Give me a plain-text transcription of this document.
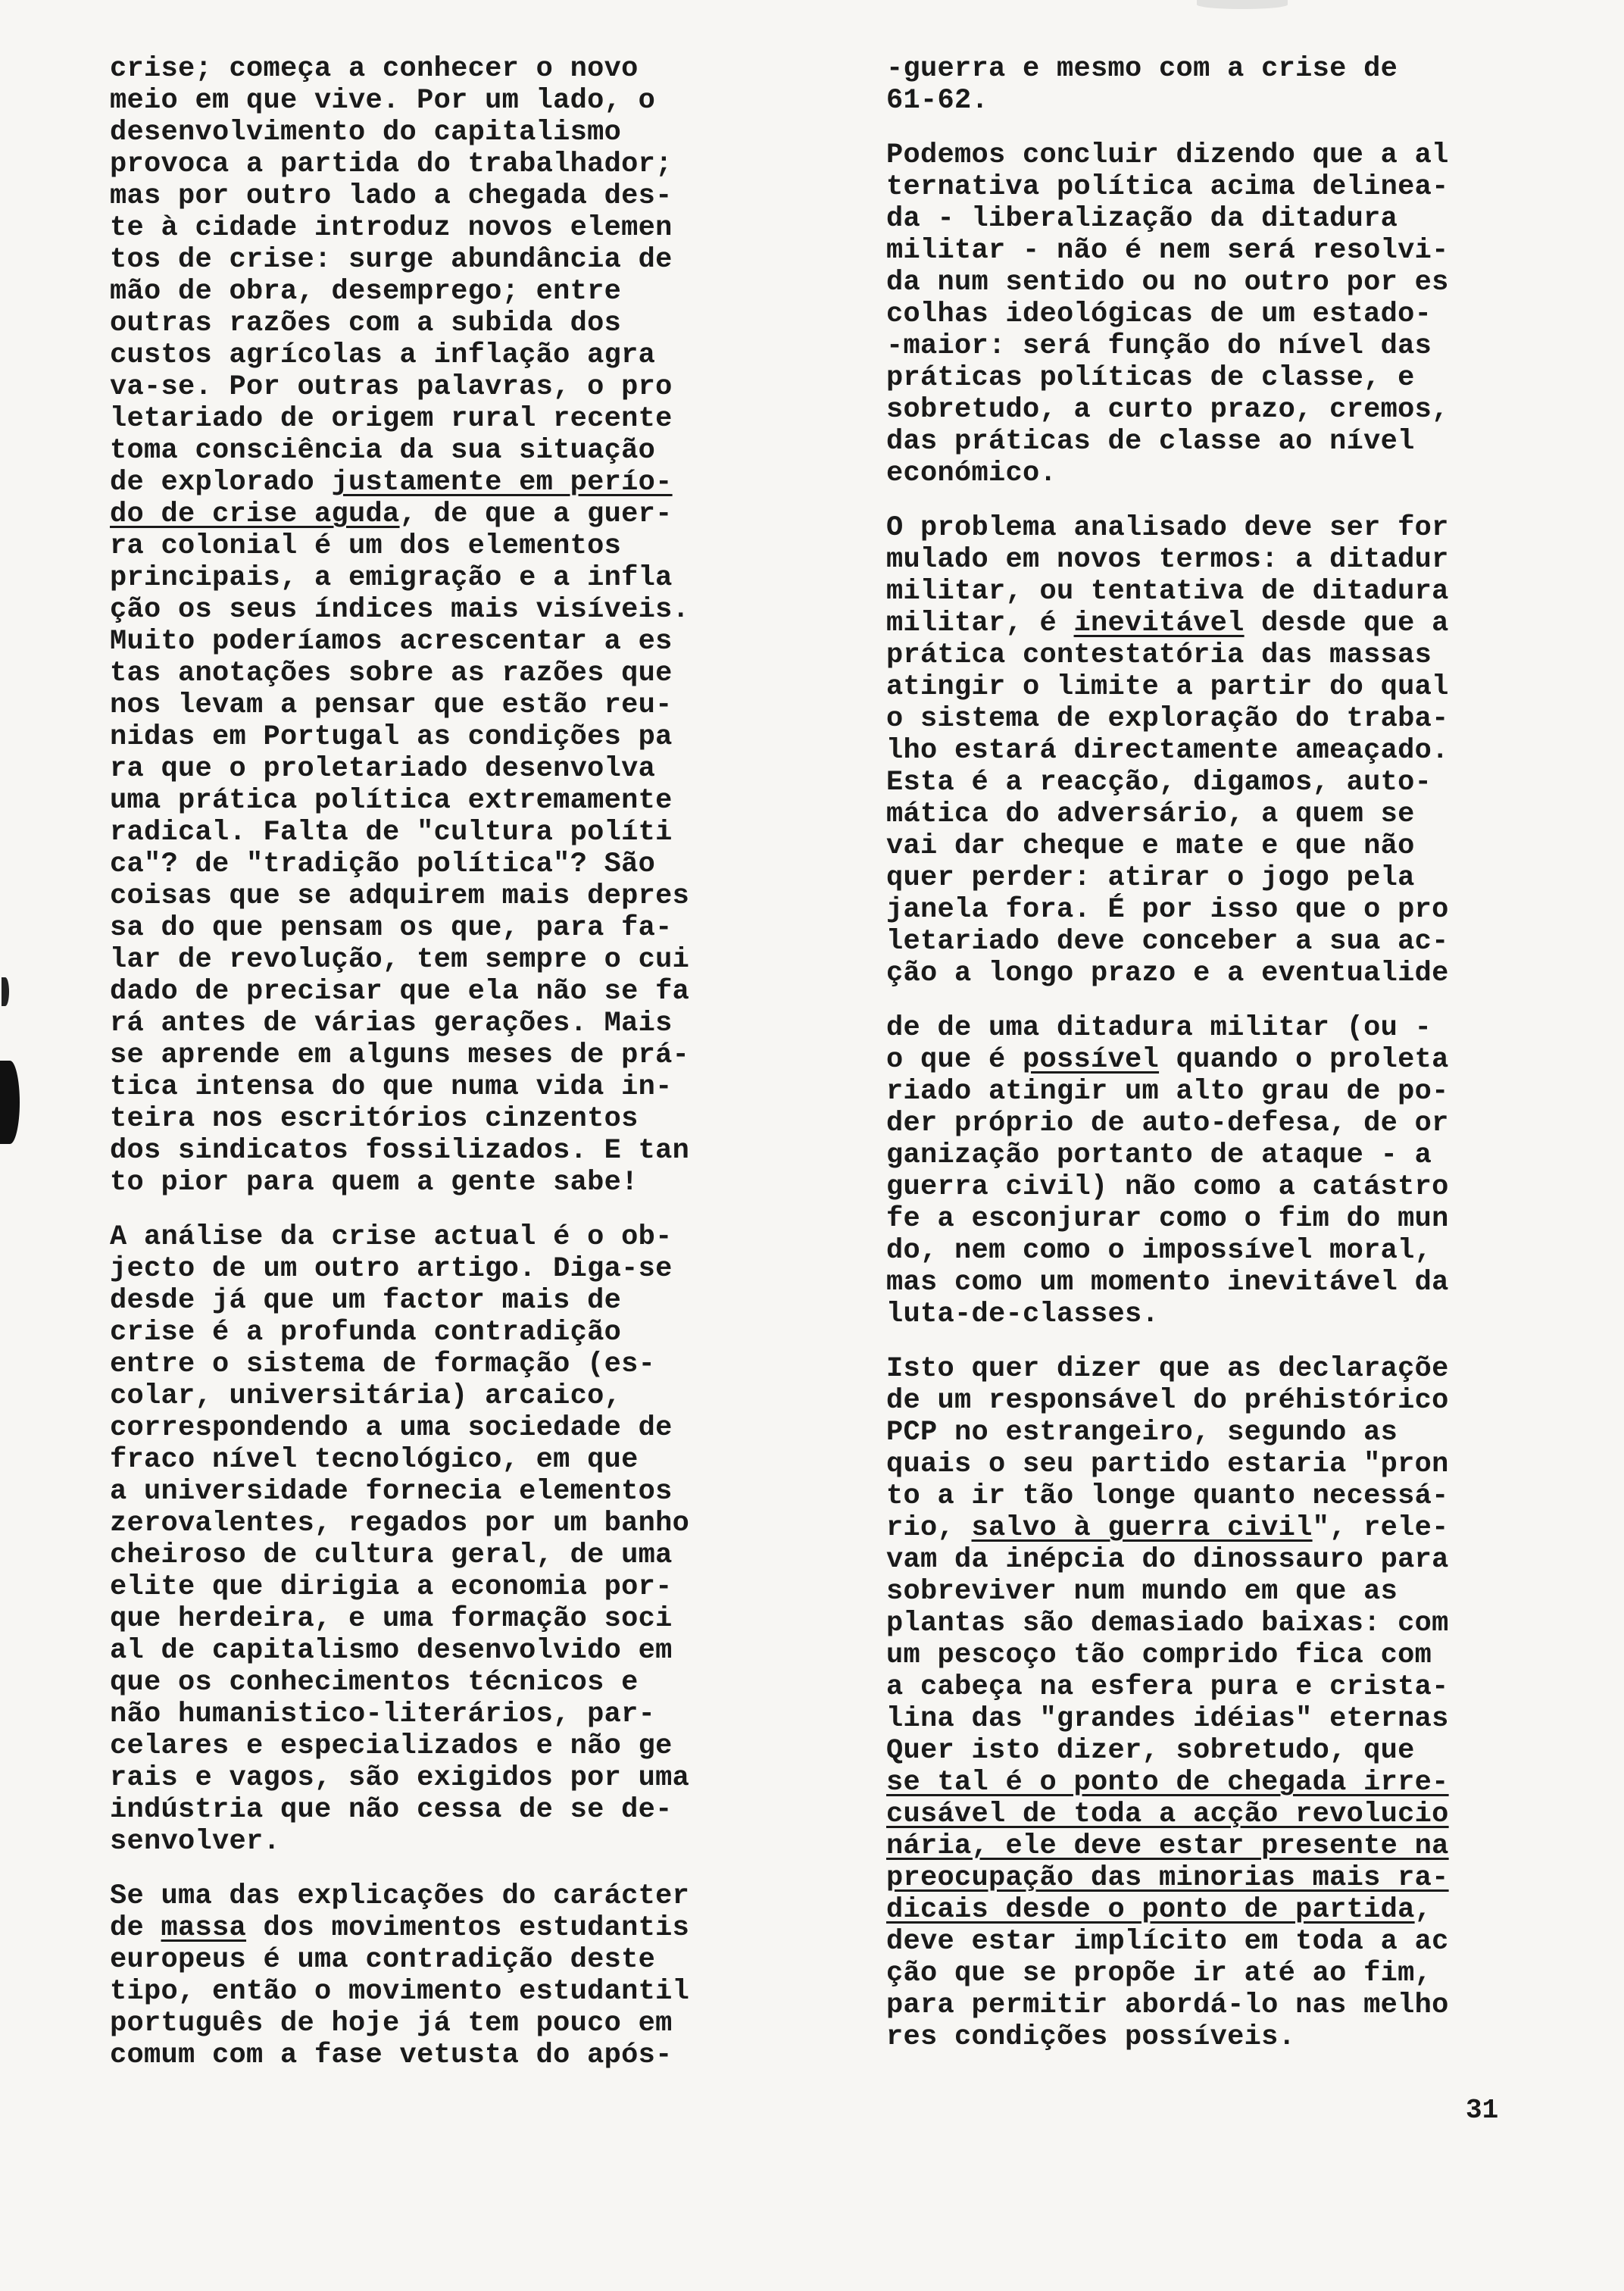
crise; começa a conhecer o novo
meio em que vive. Por um lado, o
desenvolvimento do capitalismo
provoca a partida do trabalhador;
mas por outro lado a chegada des-
te à cidade introduz novos elemen
tos de crise: surge abundância de
mão de obra, desemprego; entre
outras razões com a subida dos
custos agrícolas a inflação agra
va-se. Por outras palavras, o pro
letariado de origem rural recente
toma consciência da sua situação
de explorado justamente em perío-
do de crise aguda, de que a guer-
ra colonial é um dos elementos
principais, a emigração e a infla
ção os seus índices mais visíveis.
Muito poderíamos acrescentar a es
tas anotações sobre as razões que
nos levam a pensar que estão reu-
nidas em Portugal as condições pa
ra que o proletariado desenvolva
uma prática política extremamente
radical. Falta de "cultura políti
ca"? de "tradição política"? São
coisas que se adquirem mais depres
sa do que pensam os que, para fa-
lar de revolução, tem sempre o cui
dado de precisar que ela não se fa
rá antes de várias gerações. Mais
se aprende em alguns meses de prá-
tica intensa do que numa vida in-
teira nos escritórios cinzentos
dos sindicatos fossilizados. E tan
to pior para quem a gente sabe!

A análise da crise actual é o ob-
jecto de um outro artigo. Diga-se
desde já que um factor mais de
crise é a profunda contradição
entre o sistema de formação (es-
colar, universitária) arcaico,
correspondendo a uma sociedade de
fraco nível tecnológico, em que
a universidade fornecia elementos
zerovalentes, regados por um banho
cheiroso de cultura geral, de uma
elite que dirigia a economia por-
que herdeira, e uma formação soci
al de capitalismo desenvolvido em
que os conhecimentos técnicos e
não humanistico-literários, par-
celares e especializados e não ge
rais e vagos, são exigidos por uma
indústria que não cessa de se de-
senvolver.

Se uma das explicações do carácter
de massa dos movimentos estudantis
europeus é uma contradição deste
tipo, então o movimento estudantil
português de hoje já tem pouco em
comum com a fase vetusta do após-

-guerra e mesmo com a crise de
61-62.

Podemos concluir dizendo que a al
ternativa política acima delinea-
da - liberalização da ditadura
militar - não é nem será resolvi-
da num sentido ou no outro por es
colhas ideológicas de um estado-
-maior: será função do nível das
práticas políticas de classe, e
sobretudo, a curto prazo, cremos,
das práticas de classe ao nível
económico.

O problema analisado deve ser for
mulado em novos termos: a ditadur
militar, ou tentativa de ditadura
militar, é inevitável desde que a
prática contestatória das massas
atingir o limite a partir do qual
o sistema de exploração do traba-
lho estará directamente ameaçado.
Esta é a reacção, digamos, auto-
mática do adversário, a quem se
vai dar cheque e mate e que não
quer perder: atirar o jogo pela
janela fora. É por isso que o pro
letariado deve conceber a sua ac-
ção a longo prazo e a eventualide

de de uma ditadura militar (ou -
o que é possível quando o proleta
riado atingir um alto grau de po-
der próprio de auto-defesa, de or
ganização portanto de ataque - a
guerra civil) não como a catástro
fe a esconjurar como o fim do mun
do, nem como o impossível moral,
mas como um momento inevitável da
luta-de-classes.

Isto quer dizer que as declaraçõe
de um responsável do préhistórico
PCP no estrangeiro, segundo as
quais o seu partido estaria "pron
to a ir tão longe quanto necessá-
rio, salvo à guerra civil", rele-
vam da inépcia do dinossauro para
sobreviver num mundo em que as
plantas são demasiado baixas: com
um pescoço tão comprido fica com
a cabeça na esfera pura e crista-
lina das "grandes idéias" eternas
Quer isto dizer, sobretudo, que
se tal é o ponto de chegada irre-
cusável de toda a acção revolucio
nária, ele deve estar presente na
preocupação das minorias mais ra-
dicais desde o ponto de partida,
deve estar implícito em toda a ac
ção que se propõe ir até ao fim,
para permitir abordá-lo nas melho
res condições possíveis.

31
